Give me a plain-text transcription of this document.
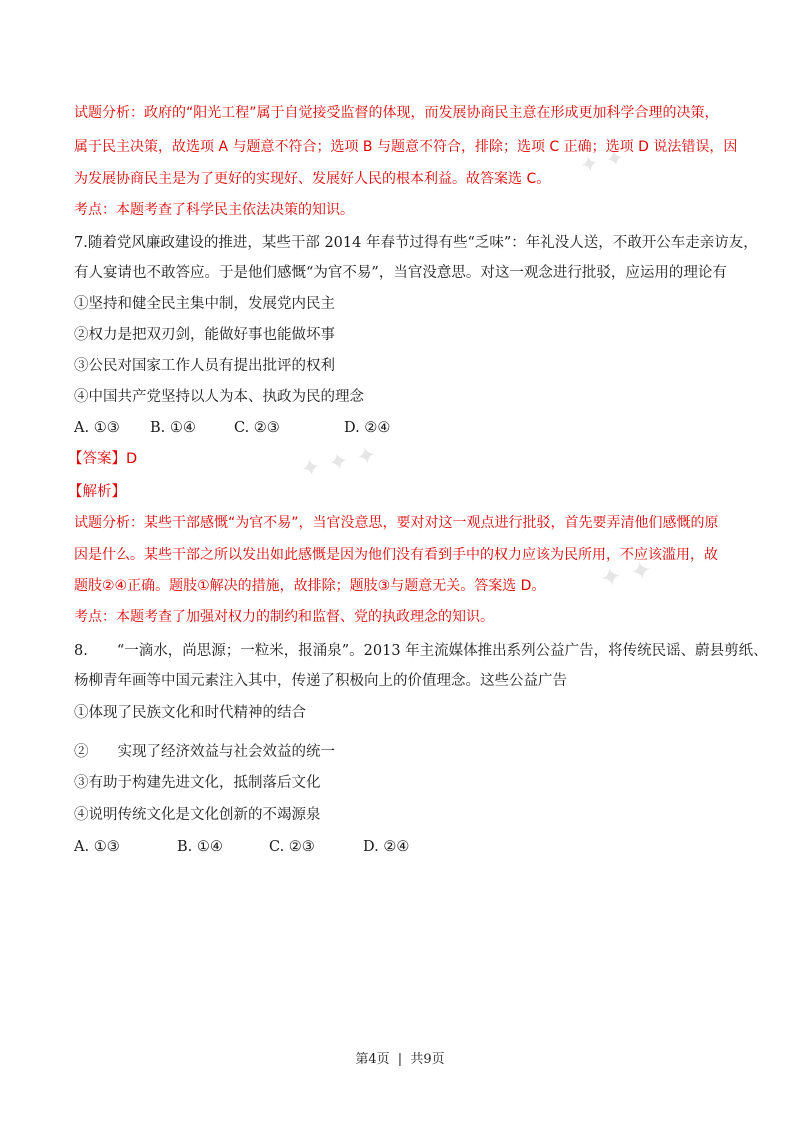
✦ ✦
✦ ✦ ✦
✦ ✦

试题分析：政府的“阳光工程”属于自觉接受监督的体现，而发展协商民主意在形成更加科学合理的决策，

属于民主决策，故选项 A 与题意不符合；选项 B 与题意不符合，排除；选项 C 正确；选项 D 说法错误，因

为发展协商民主是为了更好的实现好、发展好人民的根本利益。故答案选 C。

考点：本题考查了科学民主依法决策的知识。

7.随着党风廉政建设的推进，某些干部 2014 年春节过得有些“乏味”：年礼没人送，不敢开公车走亲访友，

有人宴请也不敢答应。于是他们感慨“为官不易”，当官没意思。对这一观念进行批驳，应运用的理论有

①坚持和健全民主集中制，发展党内民主

②权力是把双刃剑，能做好事也能做坏事

③公民对国家工作人员有提出批评的权利

④中国共产党坚持以人为本、执政为民的理念

A. ①③ B. ①④	C. ②③	D. ②④

【答案】D

【解析】

试题分析：某些干部感慨“为官不易”，当官没意思，要对对这一观点进行批驳，首先要弄清他们感慨的原

因是什么。某些干部之所以发出如此感慨是因为他们没有看到手中的权力应该为民所用，不应该滥用，故

题肢②④正确。题肢①解决的措施，故排除；题肢③与题意无关。答案选 D。

考点：本题考查了加强对权力的制约和监督、党的执政理念的知识。

8.　　“一滴水，尚思源；一粒米，报涌泉”。2013 年主流媒体推出系列公益广告，将传统民谣、蔚县剪纸、

杨柳青年画等中国元素注入其中，传递了积极向上的价值理念。这些公益广告

①体现了民族文化和时代精神的结合

②　　实现了经济效益与社会效益的统一

③有助于构建先进文化，抵制落后文化

④说明传统文化是文化创新的不竭源泉

A. ①③	B. ①④	C. ②③	D. ②④

第4页 | 共9页
